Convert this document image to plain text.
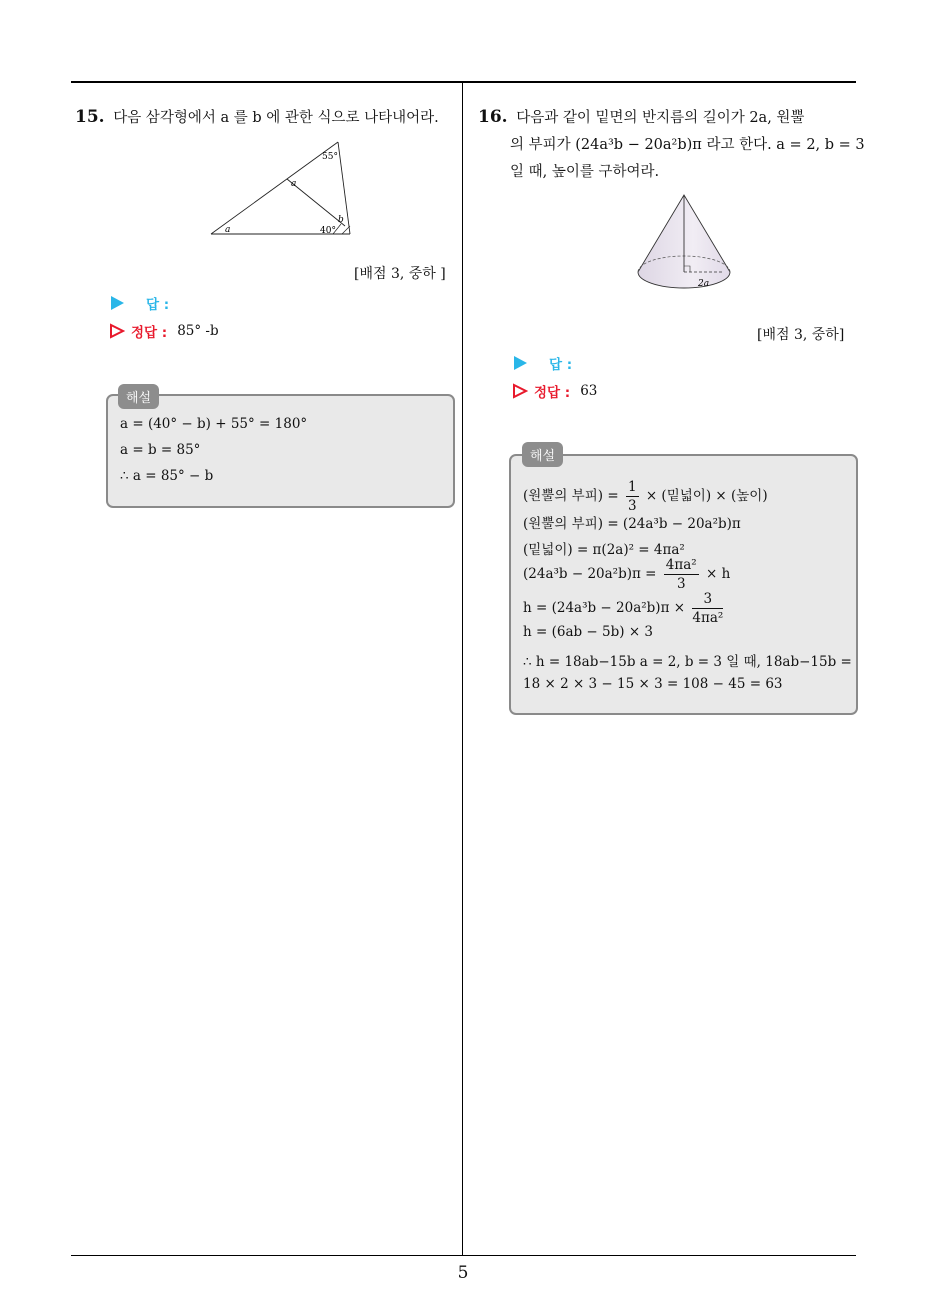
5
15. 다음 삼각형에서 a 를 b 에 관한 식으로 나타내어라.
55°
a
a
b
40°
[배점 3, 중하 ]
답 :
정답 : 85° -b
a = (40° − b) + 55° = 180°
a = b = 85°
∴ a = 85° − b
해설
16. 다음과 같이 밑면의 반지름의 길이가 2a, 원뿔
의 부피가 (24a³b − 20a²b)π 라고 한다. a = 2, b = 3
일 때, 높이를 구하여라.
2a
[배점 3, 중하]
답 :
정답 : 63
(원뿔의 부피) = $\frac{1}{3}$ × (밑넓이) × (높이)
(원뿔의 부피) = (24a³b − 20a²b)π
(밑넓이) = π(2a)² = 4πa²
$(24a^3b - 20a^2b)\pi = \frac{\text{4πa²}}{3} \times h$
$h = (24a^3b - 20a^2b)\pi \times \frac{3}{\text{4πa²}}$
h = (6ab − 5b) × 3
∴ h = 18ab−15b a = 2, b = 3 일 때, 18ab−15b =
18 × 2 × 3 − 15 × 3 = 108 − 45 = 63
해설
